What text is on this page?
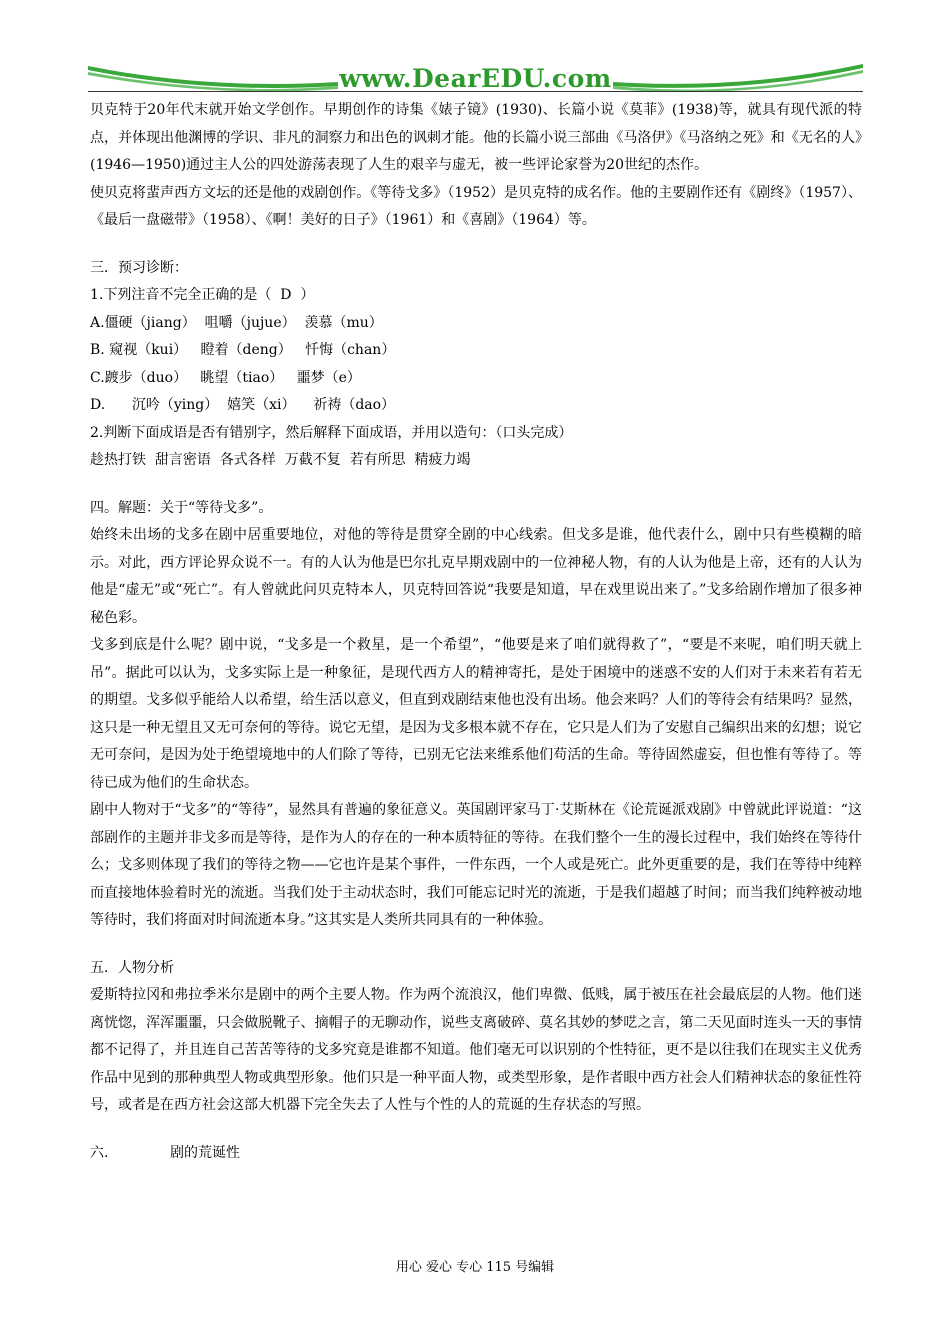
www.DearEDU.com

贝克特于20年代末就开始文学创作。早期创作的诗集《婊子镜》(1930)、长篇小说《莫菲》(1938)等，就具有现代派的特点，并体现出他渊博的学识、非凡的洞察力和出色的讽刺才能。他的长篇小说三部曲《马洛伊》《马洛纳之死》和《无名的人》(1946—1950)通过主人公的四处游荡表现了人生的艰辛与虚无，被一些评论家誉为20世纪的杰作。

使贝克将蜚声西方文坛的还是他的戏剧创作。《等待戈多》（1952）是贝克特的成名作。他的主要剧作还有《剧终》（1957）、《最后一盘磁带》（1958）、《啊！美好的日子》（1961）和《喜剧》（1964）等。

三．预习诊断：

1.下列注音不完全正确的是（  D  ）

A.僵硬（jiang）  咀嚼（jujue）  羡慕（mu）

B. 窥视（kui）   瞪着（deng）   忏悔（chan）

C.踱步（duo）   眺望（tiao）   噩梦（e）

D.      沉吟（ying）  嬉笑（xi）    祈祷（dao）

2.判断下面成语是否有错别字，然后解释下面成语，并用以造句：（口头完成）

趁热打铁  甜言密语  各式各样  万截不复  若有所思  精疲力竭

四。解题：关于“等待戈多”。

始终未出场的戈多在剧中居重要地位，对他的等待是贯穿全剧的中心线索。但戈多是谁，他代表什么，剧中只有些模糊的暗示。对此，西方评论界众说不一。有的人认为他是巴尔扎克早期戏剧中的一位神秘人物，有的人认为他是上帝，还有的人认为他是“虚无”或“死亡”。有人曾就此问贝克特本人，贝克特回答说“我要是知道，早在戏里说出来了。”戈多给剧作增加了很多神秘色彩。

戈多到底是什么呢？剧中说，“戈多是一个救星，是一个希望”，“他要是来了咱们就得救了”，“要是不来呢，咱们明天就上吊”。据此可以认为，戈多实际上是一种象征，是现代西方人的精神寄托，是处于困境中的迷惑不安的人们对于未来若有若无的期望。戈多似乎能给人以希望，给生活以意义，但直到戏剧结束他也没有出场。他会来吗？人们的等待会有结果吗？显然，这只是一种无望且又无可奈何的等待。说它无望，是因为戈多根本就不存在，它只是人们为了安慰自己编织出来的幻想；说它无可奈问，是因为处于绝望境地中的人们除了等待，已别无它法来维系他们苟活的生命。等待固然虚妄，但也惟有等待了。等待已成为他们的生命状态。

剧中人物对于“戈多”的“等待”，显然具有普遍的象征意义。英国剧评家马丁·艾斯林在《论荒诞派戏剧》中曾就此评说道：“这部剧作的主题并非戈多而是等待，是作为人的存在的一种本质特征的等待。在我们整个一生的漫长过程中，我们始终在等待什么；戈多则体现了我们的等待之物——它也许是某个事件，一件东西，一个人或是死亡。此外更重要的是，我们在等待中纯粹而直接地体验着时光的流逝。当我们处于主动状态时，我们可能忘记时光的流逝，于是我们超越了时间；而当我们纯粹被动地等待时，我们将面对时间流逝本身。”这其实是人类所共同具有的一种体验。

五．人物分析

爱斯特拉冈和弗拉季米尔是剧中的两个主要人物。作为两个流浪汉，他们卑微、低贱，属于被压在社会最底层的人物。他们迷离恍惚，浑浑噩噩，只会做脱靴子、摘帽子的无聊动作，说些支离破碎、莫名其妙的梦呓之言，第二天见面时连头一天的事情都不记得了，并且连自己苦苦等待的戈多究竟是谁都不知道。他们毫无可以识别的个性特征，更不是以往我们在现实主义优秀作品中见到的那种典型人物或典型形象。他们只是一种平面人物，或类型形象，是作者眼中西方社会人们精神状态的象征性符号，或者是在西方社会这部大机器下完全失去了人性与个性的人的荒诞的生存状态的写照。

六.	剧的荒诞性

用心 爱心 专心 115 号编辑
